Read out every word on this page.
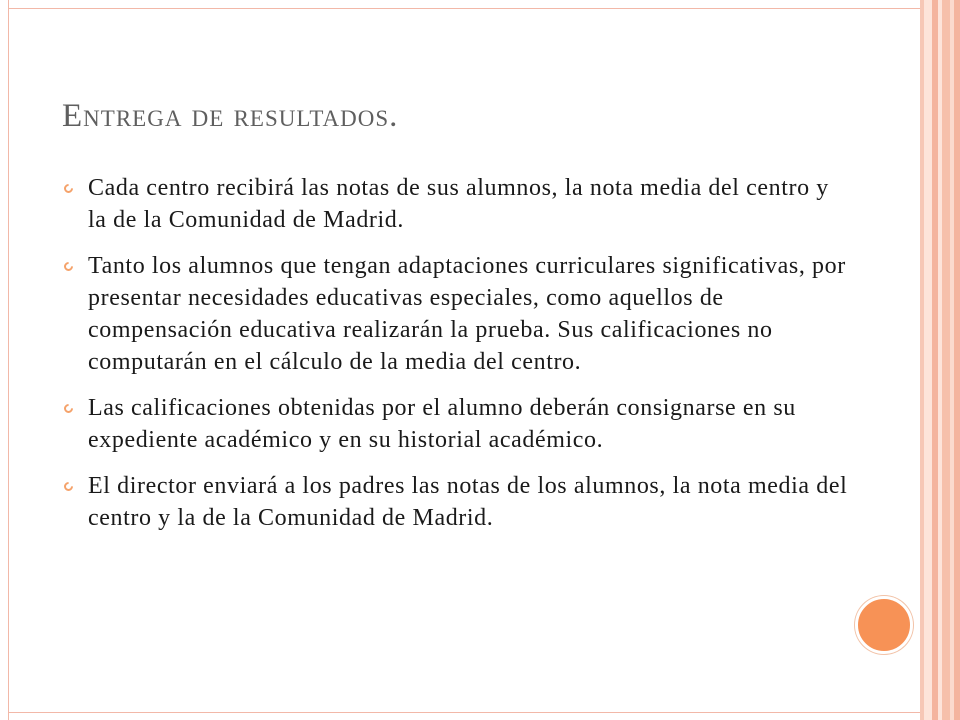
Entrega de resultados.
Cada centro recibirá las notas de sus alumnos, la nota media del centro y la de la Comunidad de Madrid.
Tanto los alumnos que tengan adaptaciones curriculares significativas, por presentar necesidades educativas especiales, como aquellos de compensación educativa realizarán la prueba. Sus calificaciones no computarán en el cálculo de la media del centro.
Las calificaciones obtenidas por el alumno deberán consignarse en su expediente académico y en su historial académico.
El director enviará a los padres las notas de los alumnos, la nota media del centro y la de la Comunidad de Madrid.
